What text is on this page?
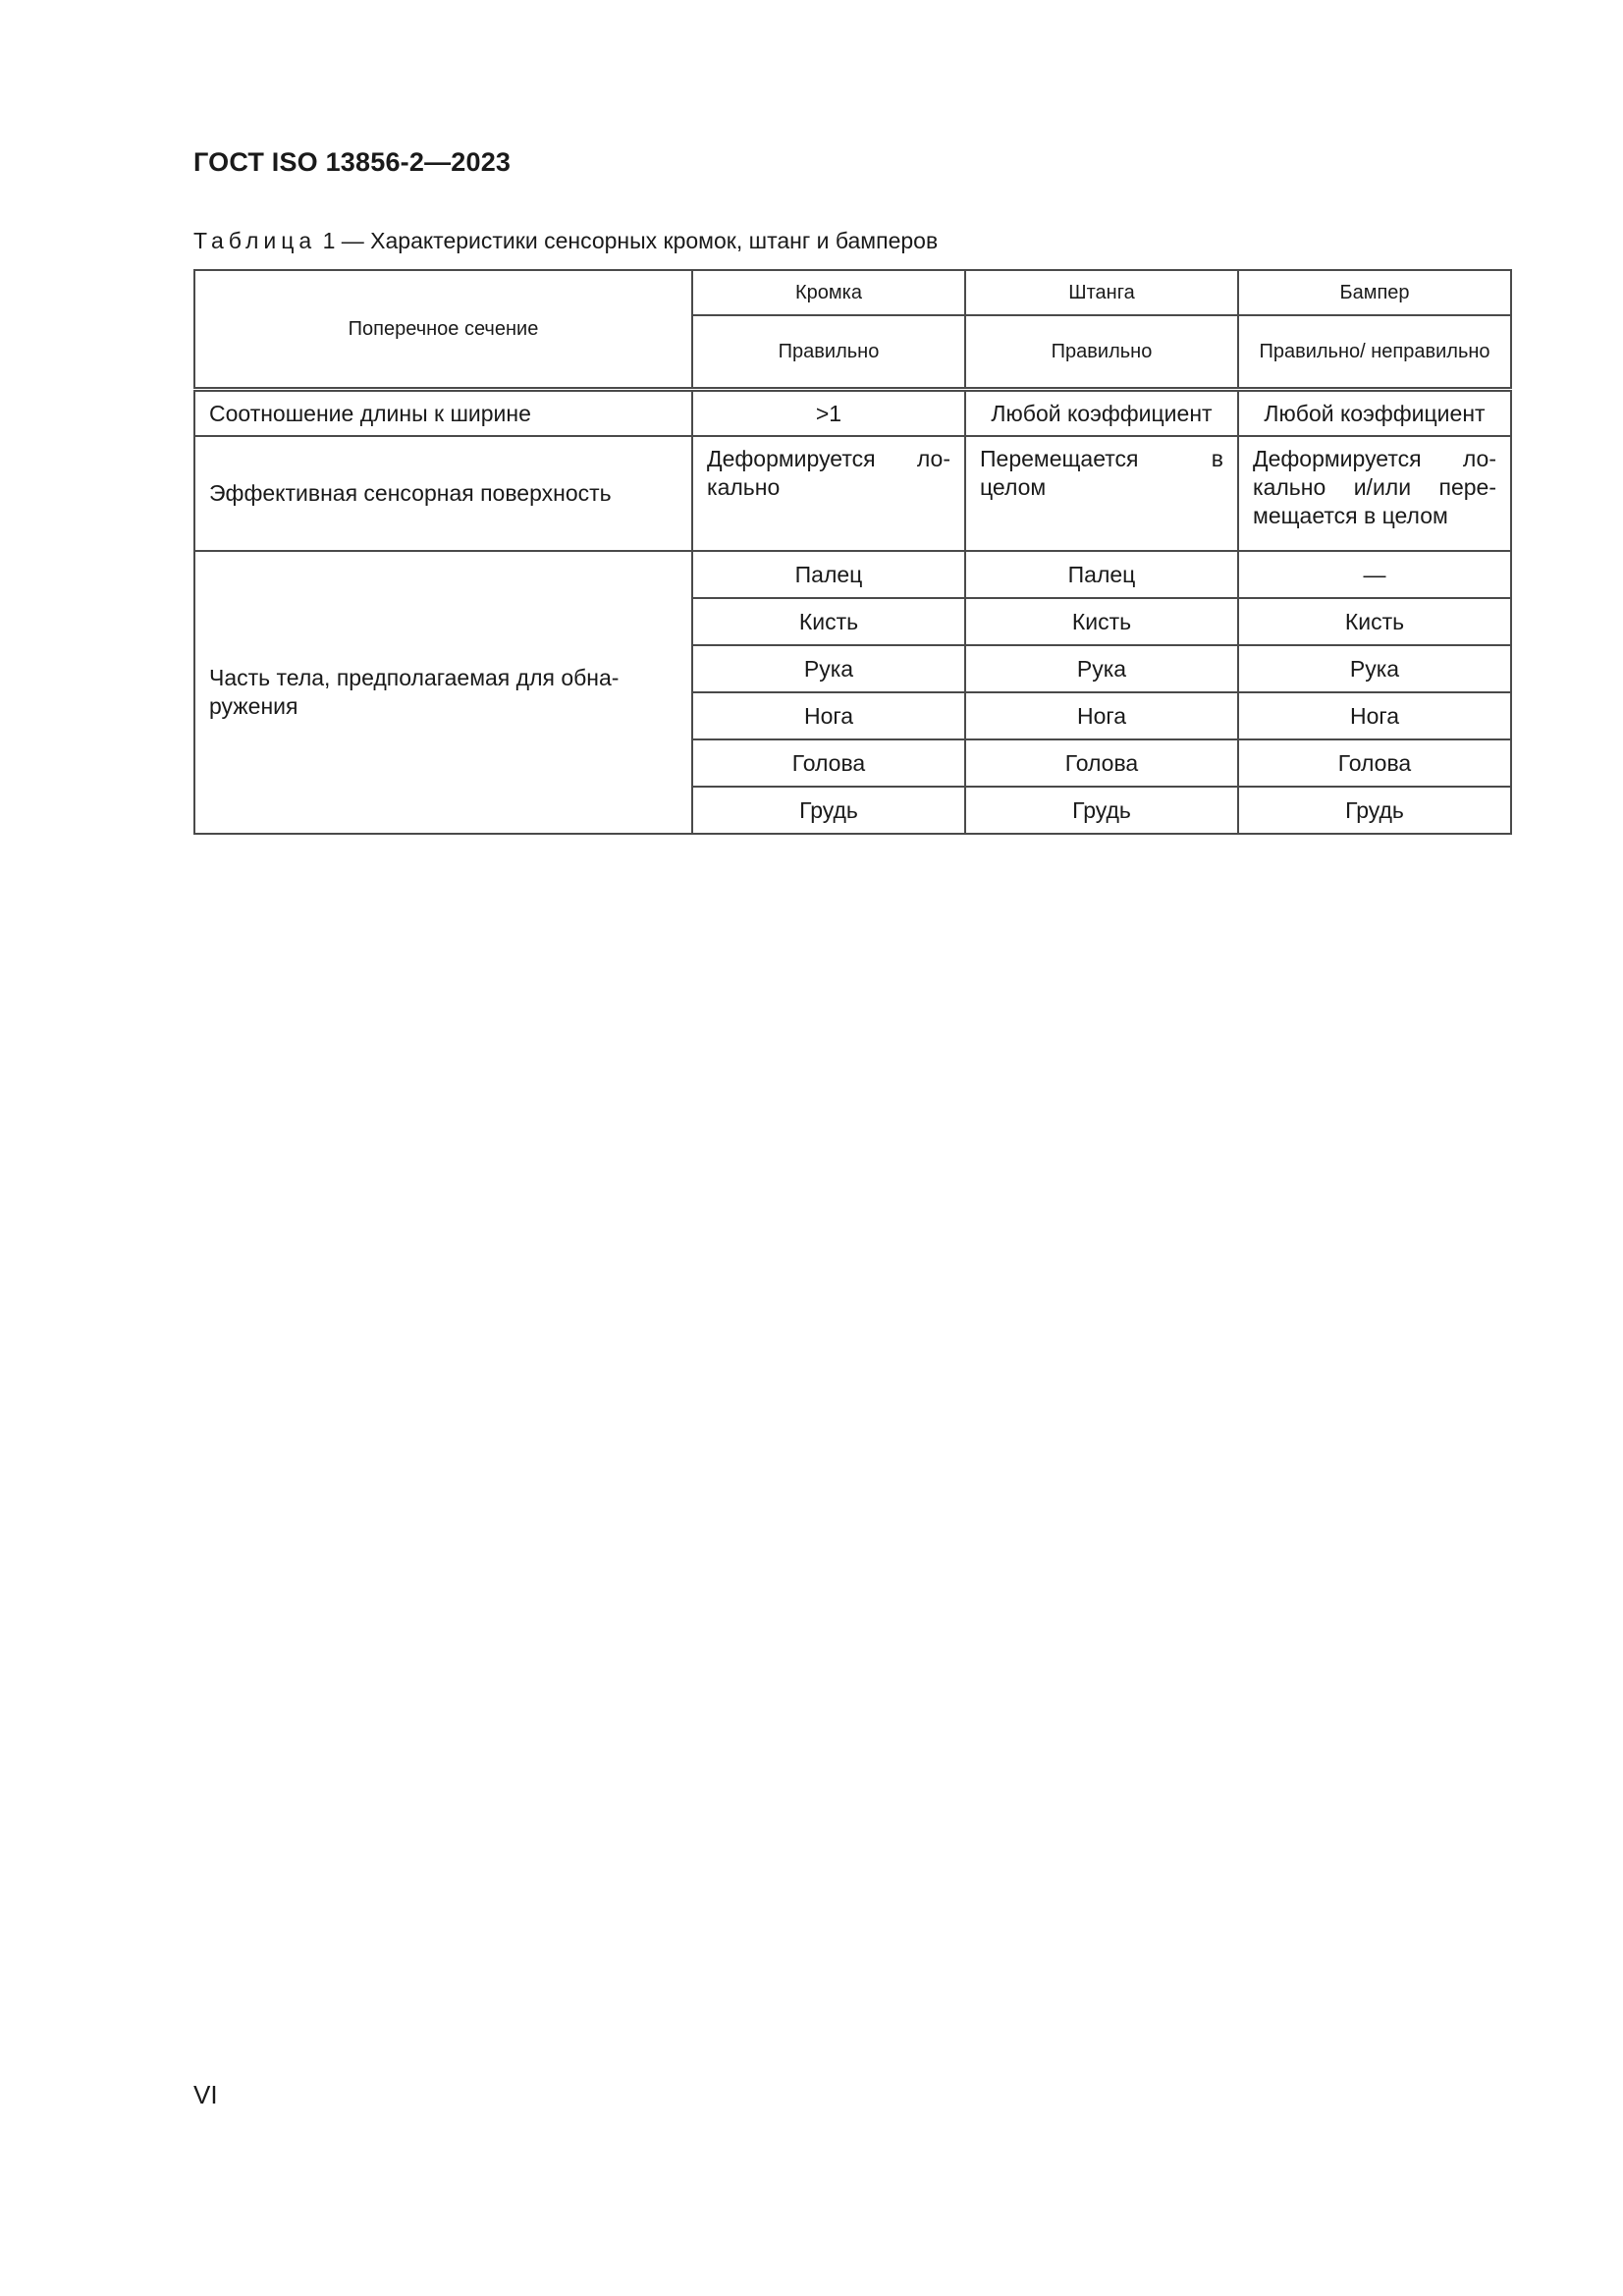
ГОСТ ISO 13856-2—2023
Таблица 1 — Характеристики сенсорных кромок, штанг и бамперов
Поперечное сечение	Кромка	Штанга	Бампер
	Правильно	Правильно	Правильно/ неправильно
Соотношение длины к ширине	>1	Любой коэффициент	Любой коэффициент
Эффективная сенсорная поверхность	Деформируется локально	Перемещается в целом	Деформируется локально и/или перемещается в целом
Часть тела, предполагаемая для обнаружения	Палец	Палец	—
	Кисть	Кисть	Кисть
	Рука	Рука	Рука
	Нога	Нога	Нога
	Голова	Голова	Голова
	Грудь	Грудь	Грудь
VI
